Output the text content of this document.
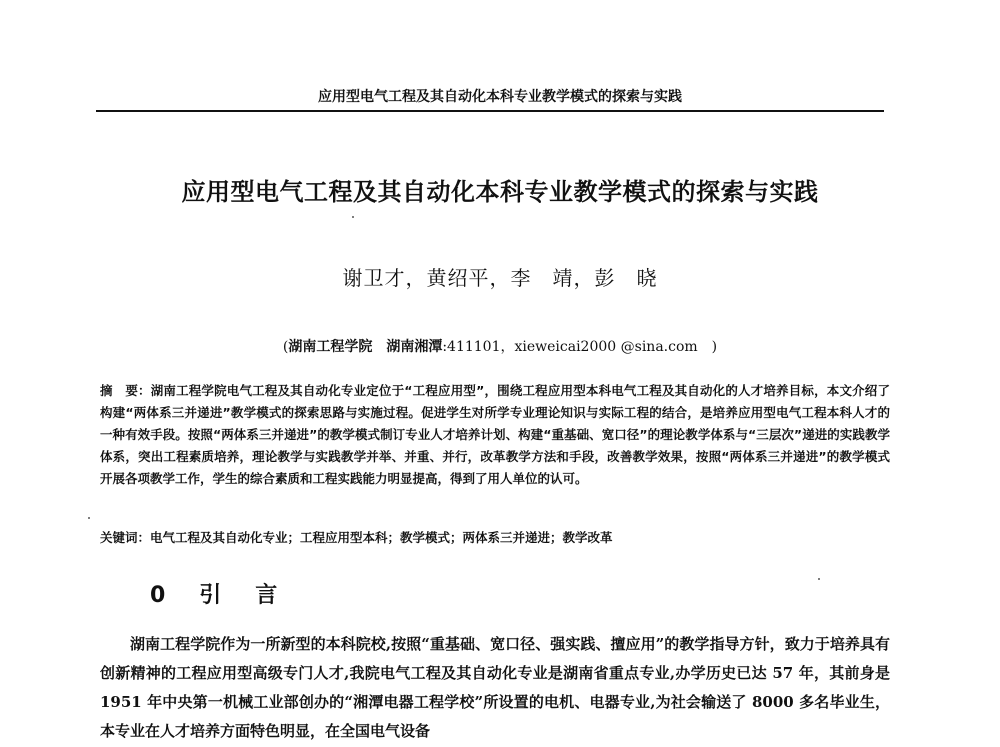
应用型电气工程及其自动化本科专业教学模式的探索与实践
应用型电气工程及其自动化本科专业教学模式的探索与实践
谢卫才，黄绍平，李　靖，彭　晓
(湖南工程学院　湖南湘潭:411101，xieweicai2000 @sina.com　)
摘　要：湖南工程学院电气工程及其自动化专业定位于“工程应用型”，围绕工程应用型本科电气工程及其自动化的人才培养目标，本文介绍了构建“两体系三并递进”教学模式的探索思路与实施过程。促进学生对所学专业理论知识与实际工程的结合，是培养应用型电气工程本科人才的一种有效手段。按照“两体系三并递进”的教学模式制订专业人才培养计划、构建“重基础、宽口径”的理论教学体系与“三层次”递进的实践教学体系，突出工程素质培养，理论教学与实践教学并举、并重、并行，改革教学方法和手段，改善教学效果，按照“两体系三并递进”的教学模式开展各项教学工作，学生的综合素质和工程实践能力明显提高，得到了用人单位的认可。
关键词：电气工程及其自动化专业；工程应用型本科；教学模式；两体系三并递进；教学改革
0　引　言
湖南工程学院作为一所新型的本科院校,按照“重基础、宽口径、强实践、擅应用”的教学指导方针，致力于培养具有创新精神的工程应用型高级专门人才,我院电气工程及其自动化专业是湖南省重点专业,办学历史已达 57 年，其前身是 1951 年中央第一机械工业部创办的“湘潭电器工程学校”所设置的电机、电器专业,为社会输送了 8000 多名毕业生，本专业在人才培养方面特色明显，在全国电气设备
